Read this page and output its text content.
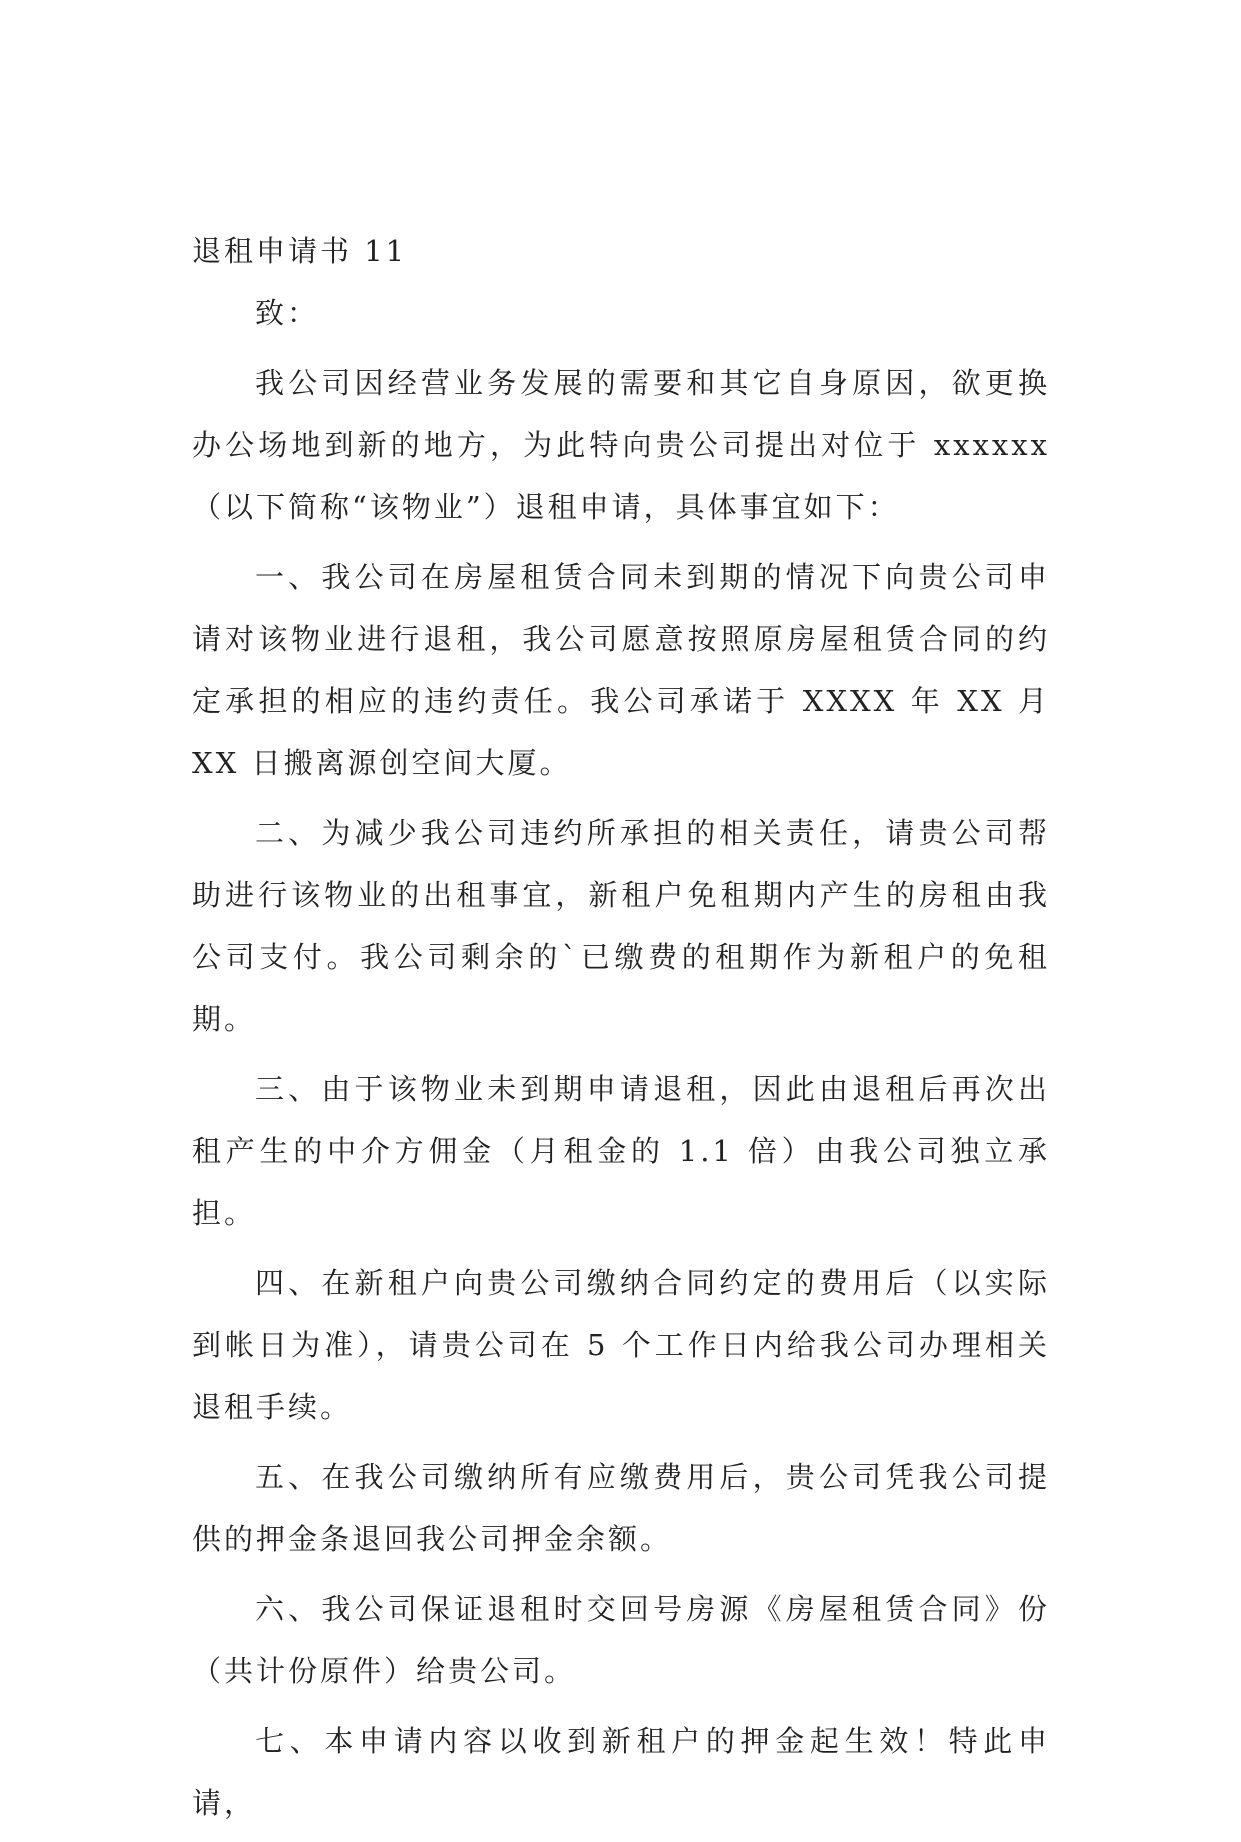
退租申请书 11

致：

我公司因经营业务发展的需要和其它自身原因，欲更换办公场地到新的地方，为此特向贵公司提出对位于 xxxxxx（以下简称“该物业”）退租申请，具体事宜如下：

一、我公司在房屋租赁合同未到期的情况下向贵公司申请对该物业进行退租，我公司愿意按照原房屋租赁合同的约定承担的相应的违约责任。我公司承诺于 XXXX 年 XX 月 XX 日搬离源创空间大厦。

二、为减少我公司违约所承担的相关责任，请贵公司帮助进行该物业的出租事宜，新租户免租期内产生的房租由我公司支付。我公司剩余的`已缴费的租期作为新租户的免租期。

三、由于该物业未到期申请退租，因此由退租后再次出租产生的中介方佣金（月租金的 1.1 倍）由我公司独立承担。

四、在新租户向贵公司缴纳合同约定的费用后（以实际到帐日为准），请贵公司在 5 个工作日内给我公司办理相关退租手续。

五、在我公司缴纳所有应缴费用后，贵公司凭我公司提供的押金条退回我公司押金余额。

六、我公司保证退租时交回号房源《房屋租赁合同》份（共计份原件）给贵公司。

七、本申请内容以收到新租户的押金起生效！特此申请，
